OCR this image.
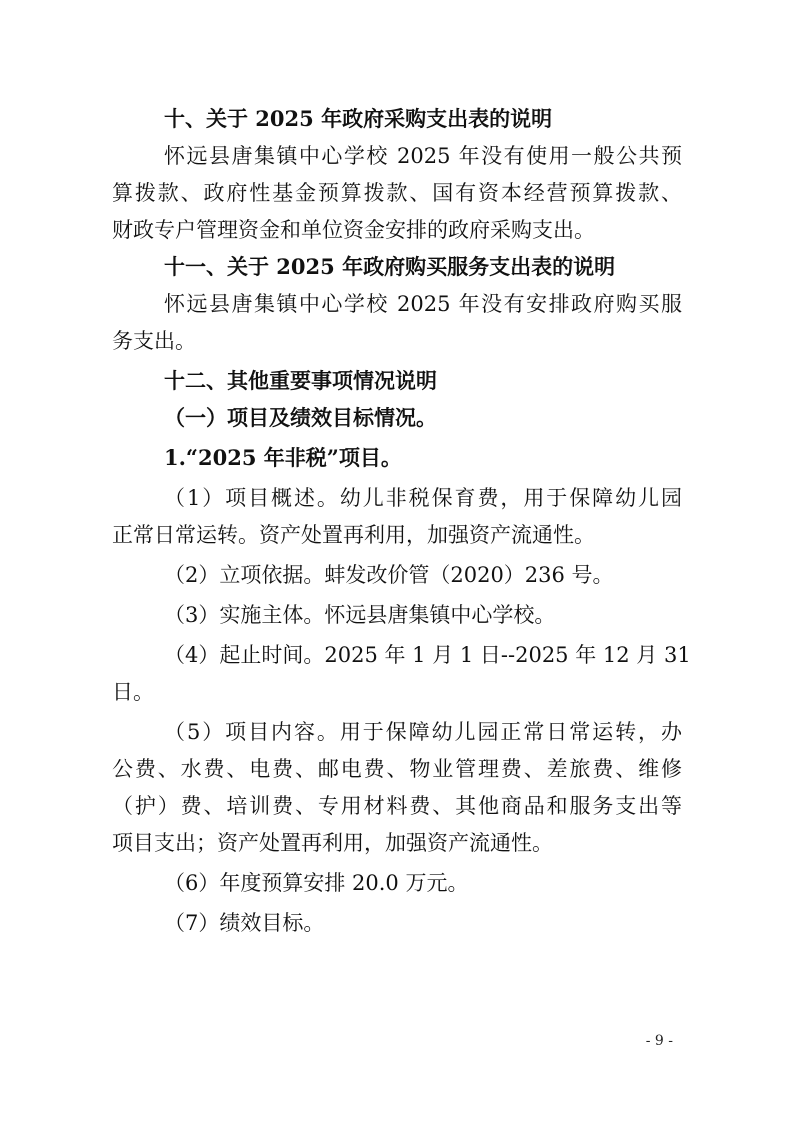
十、关于 2025 年政府采购支出表的说明
怀远县唐集镇中心学校 2025 年没有使用一般公共预
算拨款、政府性基金预算拨款、国有资本经营预算拨款、
财政专户管理资金和单位资金安排的政府采购支出。
十一、关于 2025 年政府购买服务支出表的说明
怀远县唐集镇中心学校 2025 年没有安排政府购买服
务支出。
十二、其他重要事项情况说明
（一）项目及绩效目标情况。
1.“2025 年非税”项目。
（1）项目概述。幼儿非税保育费，用于保障幼儿园
正常日常运转。资产处置再利用，加强资产流通性。
（2）立项依据。蚌发改价管（2020）236 号。
（3）实施主体。怀远县唐集镇中心学校。
（4）起止时间。2025 年 1 月 1 日--2025 年 12 月 31
日。
（5）项目内容。用于保障幼儿园正常日常运转，办
公费、水费、电费、邮电费、物业管理费、差旅费、维修
（护）费、培训费、专用材料费、其他商品和服务支出等
项目支出；资产处置再利用，加强资产流通性。
（6）年度预算安排 20.0 万元。
（7）绩效目标。
- 9 -
